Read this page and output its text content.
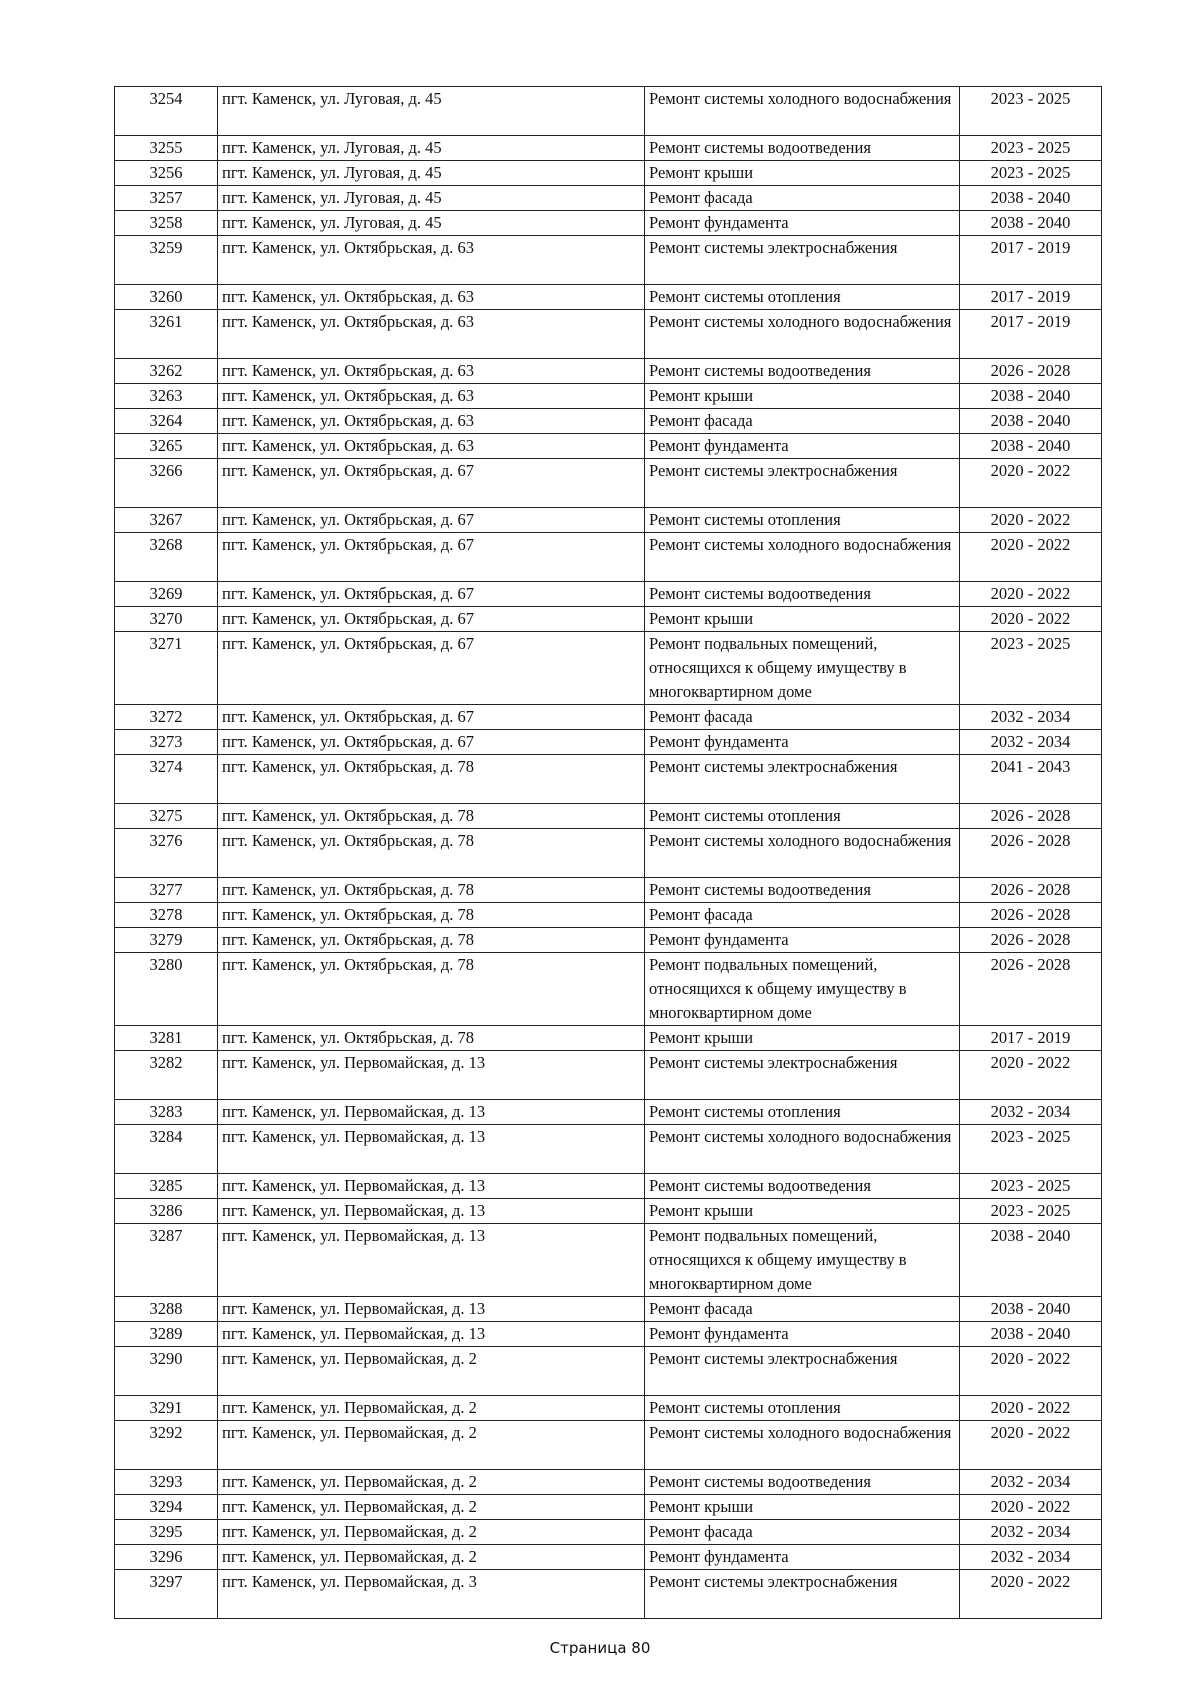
3254	пгт. Каменск, ул. Луговая, д. 45	Ремонт системы холодного водоснабжения	2023 - 2025
3255	пгт. Каменск, ул. Луговая, д. 45	Ремонт системы водоотведения	2023 - 2025
3256	пгт. Каменск, ул. Луговая, д. 45	Ремонт крыши	2023 - 2025
3257	пгт. Каменск, ул. Луговая, д. 45	Ремонт фасада	2038 - 2040
3258	пгт. Каменск, ул. Луговая, д. 45	Ремонт фундамента	2038 - 2040
3259	пгт. Каменск, ул. Октябрьская, д. 63	Ремонт системы электроснабжения	2017 - 2019
3260	пгт. Каменск, ул. Октябрьская, д. 63	Ремонт системы отопления	2017 - 2019
3261	пгт. Каменск, ул. Октябрьская, д. 63	Ремонт системы холодного водоснабжения	2017 - 2019
3262	пгт. Каменск, ул. Октябрьская, д. 63	Ремонт системы водоотведения	2026 - 2028
3263	пгт. Каменск, ул. Октябрьская, д. 63	Ремонт крыши	2038 - 2040
3264	пгт. Каменск, ул. Октябрьская, д. 63	Ремонт фасада	2038 - 2040
3265	пгт. Каменск, ул. Октябрьская, д. 63	Ремонт фундамента	2038 - 2040
3266	пгт. Каменск, ул. Октябрьская, д. 67	Ремонт системы электроснабжения	2020 - 2022
3267	пгт. Каменск, ул. Октябрьская, д. 67	Ремонт системы отопления	2020 - 2022
3268	пгт. Каменск, ул. Октябрьская, д. 67	Ремонт системы холодного водоснабжения	2020 - 2022
3269	пгт. Каменск, ул. Октябрьская, д. 67	Ремонт системы водоотведения	2020 - 2022
3270	пгт. Каменск, ул. Октябрьская, д. 67	Ремонт крыши	2020 - 2022
3271	пгт. Каменск, ул. Октябрьская, д. 67	Ремонт подвальных помещений, относящихся к общему имуществу в многоквартирном доме	2023 - 2025
3272	пгт. Каменск, ул. Октябрьская, д. 67	Ремонт фасада	2032 - 2034
3273	пгт. Каменск, ул. Октябрьская, д. 67	Ремонт фундамента	2032 - 2034
3274	пгт. Каменск, ул. Октябрьская, д. 78	Ремонт системы электроснабжения	2041 - 2043
3275	пгт. Каменск, ул. Октябрьская, д. 78	Ремонт системы отопления	2026 - 2028
3276	пгт. Каменск, ул. Октябрьская, д. 78	Ремонт системы холодного водоснабжения	2026 - 2028
3277	пгт. Каменск, ул. Октябрьская, д. 78	Ремонт системы водоотведения	2026 - 2028
3278	пгт. Каменск, ул. Октябрьская, д. 78	Ремонт фасада	2026 - 2028
3279	пгт. Каменск, ул. Октябрьская, д. 78	Ремонт фундамента	2026 - 2028
3280	пгт. Каменск, ул. Октябрьская, д. 78	Ремонт подвальных помещений, относящихся к общему имуществу в многоквартирном доме	2026 - 2028
3281	пгт. Каменск, ул. Октябрьская, д. 78	Ремонт крыши	2017 - 2019
3282	пгт. Каменск, ул. Первомайская, д. 13	Ремонт системы электроснабжения	2020 - 2022
3283	пгт. Каменск, ул. Первомайская, д. 13	Ремонт системы отопления	2032 - 2034
3284	пгт. Каменск, ул. Первомайская, д. 13	Ремонт системы холодного водоснабжения	2023 - 2025
3285	пгт. Каменск, ул. Первомайская, д. 13	Ремонт системы водоотведения	2023 - 2025
3286	пгт. Каменск, ул. Первомайская, д. 13	Ремонт крыши	2023 - 2025
3287	пгт. Каменск, ул. Первомайская, д. 13	Ремонт подвальных помещений, относящихся к общему имуществу в многоквартирном доме	2038 - 2040
3288	пгт. Каменск, ул. Первомайская, д. 13	Ремонт фасада	2038 - 2040
3289	пгт. Каменск, ул. Первомайская, д. 13	Ремонт фундамента	2038 - 2040
3290	пгт. Каменск, ул. Первомайская, д. 2	Ремонт системы электроснабжения	2020 - 2022
3291	пгт. Каменск, ул. Первомайская, д. 2	Ремонт системы отопления	2020 - 2022
3292	пгт. Каменск, ул. Первомайская, д. 2	Ремонт системы холодного водоснабжения	2020 - 2022
3293	пгт. Каменск, ул. Первомайская, д. 2	Ремонт системы водоотведения	2032 - 2034
3294	пгт. Каменск, ул. Первомайская, д. 2	Ремонт крыши	2020 - 2022
3295	пгт. Каменск, ул. Первомайская, д. 2	Ремонт фасада	2032 - 2034
3296	пгт. Каменск, ул. Первомайская, д. 2	Ремонт фундамента	2032 - 2034
3297	пгт. Каменск, ул. Первомайская, д. 3	Ремонт системы электроснабжения	2020 - 2022
Страница 80
